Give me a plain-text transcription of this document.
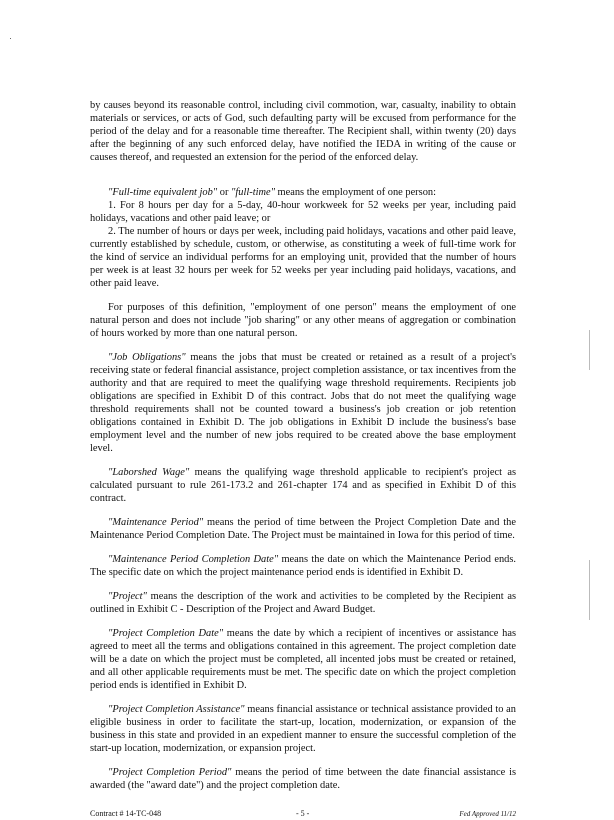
by causes beyond its reasonable control, including civil commotion, war, casualty, inability to obtain materials or services, or acts of God, such defaulting party will be excused from performance for the period of the delay and for a reasonable time thereafter. The Recipient shall, within twenty (20) days after the beginning of any such enforced delay, have notified the IEDA in writing of the cause or causes thereof, and requested an extension for the period of the enforced delay.

"Full-time equivalent job" or "full-time" means the employment of one person:

1. For 8 hours per day for a 5-day, 40-hour workweek for 52 weeks per year, including paid holidays, vacations and other paid leave; or

2. The number of hours or days per week, including paid holidays, vacations and other paid leave, currently established by schedule, custom, or otherwise, as constituting a week of full-time work for the kind of service an individual performs for an employing unit, provided that the number of hours per week is at least 32 hours per week for 52 weeks per year including paid holidays, vacations, and other paid leave.

For purposes of this definition, "employment of one person" means the employment of one natural person and does not include "job sharing" or any other means of aggregation or combination of hours worked by more than one natural person.

"Job Obligations" means the jobs that must be created or retained as a result of a project's receiving state or federal financial assistance, project completion assistance, or tax incentives from the authority and that are required to meet the qualifying wage threshold requirements. Recipients job obligations are specified in Exhibit D of this contract. Jobs that do not meet the qualifying wage threshold requirements shall not be counted toward a business's job creation or job retention obligations contained in Exhibit D. The job obligations in Exhibit D include the business's base employment level and the number of new jobs required to be created above the base employment level.

"Laborshed Wage" means the qualifying wage threshold applicable to recipient's project as calculated pursuant to rule 261-173.2 and 261-chapter 174 and as specified in Exhibit D of this contract.

"Maintenance Period" means the period of time between the Project Completion Date and the Maintenance Period Completion Date. The Project must be maintained in Iowa for this period of time.

"Maintenance Period Completion Date" means the date on which the Maintenance Period ends. The specific date on which the project maintenance period ends is identified in Exhibit D.

"Project" means the description of the work and activities to be completed by the Recipient as outlined in Exhibit C - Description of the Project and Award Budget.

"Project Completion Date" means the date by which a recipient of incentives or assistance has agreed to meet all the terms and obligations contained in this agreement. The project completion date will be a date on which the project must be completed, all incented jobs must be created or retained, and all other applicable requirements must be met. The specific date on which the project completion period ends is identified in Exhibit D.

"Project Completion Assistance" means financial assistance or technical assistance provided to an eligible business in order to facilitate the start-up, location, modernization, or expansion of the business in this state and provided in an expedient manner to ensure the successful completion of the start-up location, modernization, or expansion project.

"Project Completion Period" means the period of time between the date financial assistance is awarded (the "award date") and the project completion date.

Contract # 14-TC-048	- 5 -	Fed Approved 11/12
